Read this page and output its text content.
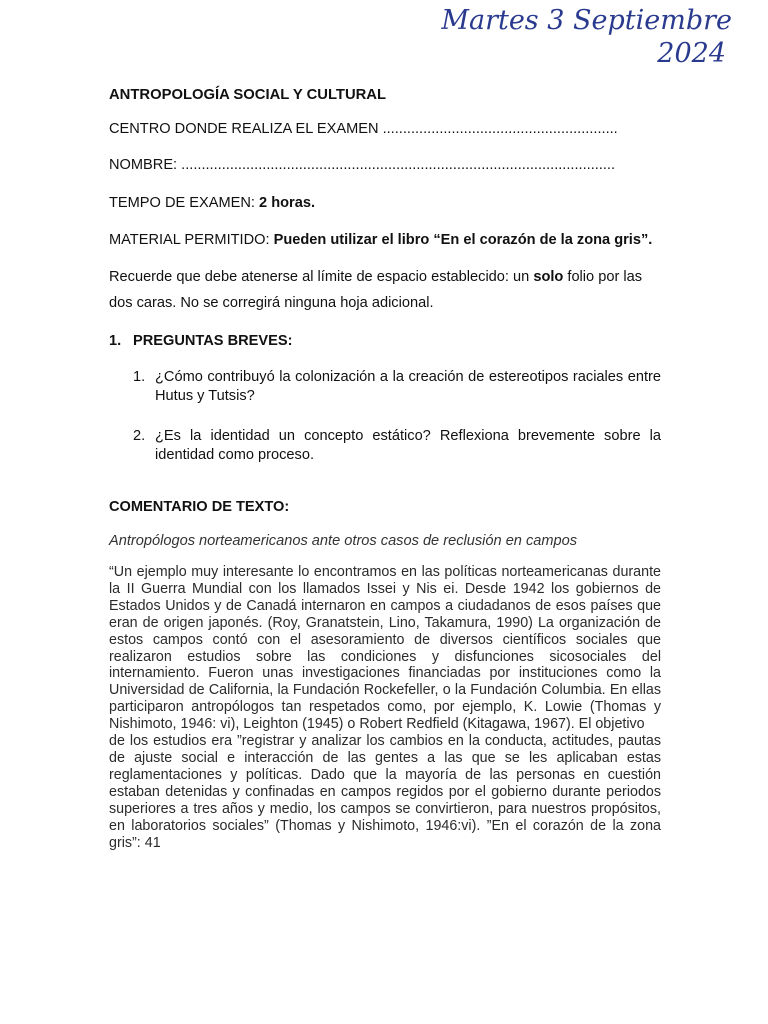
Martes 3 Septiembre
2024

ANTROPOLOGÍA SOCIAL Y CULTURAL

CENTRO DONDE REALIZA EL EXAMEN ..........................................................

NOMBRE: ...........................................................................................................

TEMPO DE EXAMEN: 2 horas.

MATERIAL PERMITIDO: Pueden utilizar el libro “En el corazón de la zona gris”.

Recuerde que debe atenerse al límite de espacio establecido: un solo folio por las dos caras. No se corregirá ninguna hoja adicional.

1. PREGUNTAS BREVES:
1. ¿Cómo contribuyó la colonización a la creación de estereotipos raciales entre Hutus y Tutsis?
2. ¿Es la identidad un concepto estático? Reflexiona brevemente sobre la identidad como proceso.
COMENTARIO DE TEXTO:
Antropólogos norteamericanos ante otros casos de reclusión en campos
“Un ejemplo muy interesante lo encontramos en las políticas norteamericanas durante la II Guerra Mundial con los llamados Issei y Nis ei. Desde 1942 los gobiernos de Estados Unidos y de Canadá internaron en campos a ciudadanos de esos países que eran de origen japonés. (Roy, Granatstein, Lino, Takamura, 1990) La organización de estos campos contó con el asesoramiento de diversos científicos sociales que realizaron estudios sobre las condiciones y disfunciones sicosociales del internamiento. Fueron unas investigaciones financiadas por instituciones como la Universidad de California, la Fundación Rockefeller, o la Fundación Columbia. En ellas participaron antropólogos tan respetados como, por ejemplo, K. Lowie (Thomas y Nishimoto, 1946: vi), Leighton (1945) o Robert Redfield (Kitagawa, 1967). El objetivo
de los estudios era ”registrar y analizar los cambios en la conducta, actitudes, pautas de ajuste social e interacción de las gentes a las que se les aplicaban estas reglamentaciones y políticas. Dado que la mayoría de las personas en cuestión estaban detenidas y confinadas en campos regidos por el gobierno durante periodos superiores a tres años y medio, los campos se convirtieron, para nuestros propósitos, en laboratorios sociales” (Thomas y Nishimoto, 1946:vi). ”En el corazón de la zona gris”: 41
